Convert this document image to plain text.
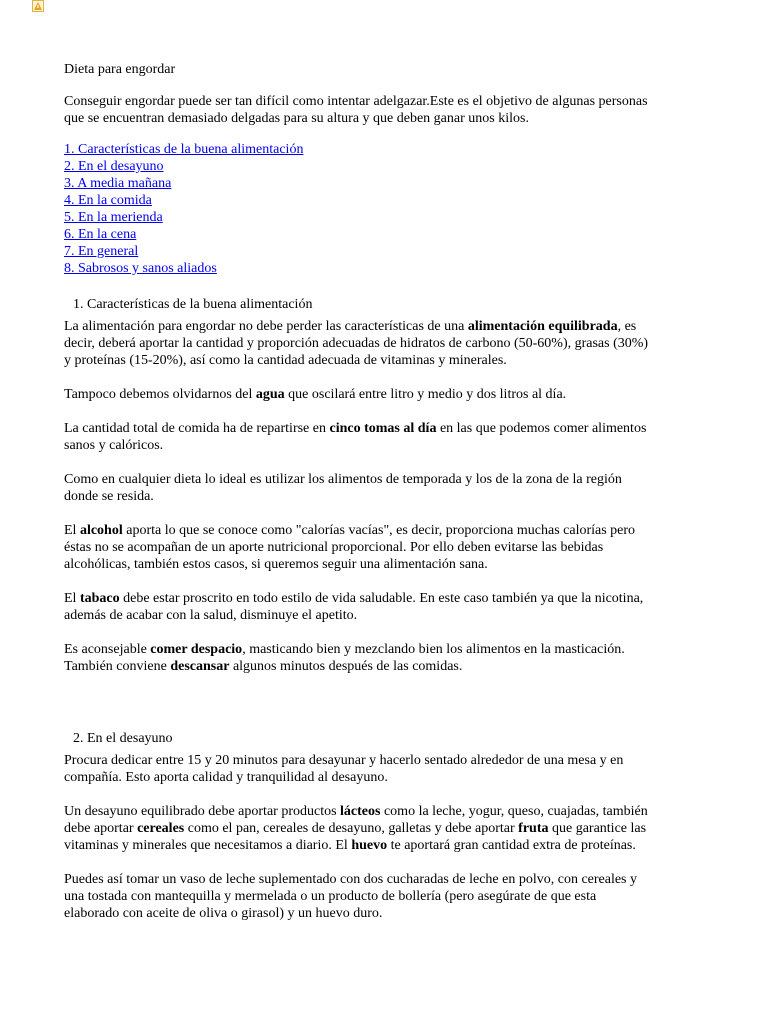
Dieta para engordar

Conseguir engordar puede ser tan difícil como intentar adelgazar.Este es el objetivo de algunas personas que se encuentran demasiado delgadas para su altura y que deben ganar unos kilos.

1. Características de la buena alimentación
2. En el desayuno
3. A media mañana
4. En la comida
5. En la merienda
6. En la cena
7. En general
8. Sabrosos y sanos aliados

1. Características de la buena alimentación

La alimentación para engordar no debe perder las características de una alimentación equilibrada, es decir, deberá aportar la cantidad y proporción adecuadas de hidratos de carbono (50-60%), grasas (30%) y proteínas (15-20%), así como la cantidad adecuada de vitaminas y minerales.

Tampoco debemos olvidarnos del agua que oscilará entre litro y medio y dos litros al día.

La cantidad total de comida ha de repartirse en cinco tomas al día en las que podemos comer alimentos sanos y calóricos.

Como en cualquier dieta lo ideal es utilizar los alimentos de temporada y los de la zona de la región donde se resida.

El alcohol aporta lo que se conoce como "calorías vacías", es decir, proporciona muchas calorías pero éstas no se acompañan de un aporte nutricional proporcional. Por ello deben evitarse las bebidas alcohólicas, también estos casos, si queremos seguir una alimentación sana.

El tabaco debe estar proscrito en todo estilo de vida saludable. En este caso también ya que la nicotina, además de acabar con la salud, disminuye el apetito.

Es aconsejable comer despacio, masticando bien y mezclando bien los alimentos en la masticación. También conviene descansar algunos minutos después de las comidas.

2. En el desayuno

Procura dedicar entre 15 y 20 minutos para desayunar y hacerlo sentado alrededor de una mesa y en compañía. Esto aporta calidad y tranquilidad al desayuno.

Un desayuno equilibrado debe aportar productos lácteos como la leche, yogur, queso, cuajadas, también debe aportar cereales como el pan, cereales de desayuno, galletas y debe aportar fruta que garantice las vitaminas y minerales que necesitamos a diario. El huevo te aportará gran cantidad extra de proteínas.

Puedes así tomar un vaso de leche suplementado con dos cucharadas de leche en polvo, con cereales y una tostada con mantequilla y mermelada o un producto de bollería (pero asegúrate de que esta elaborado con aceite de oliva o girasol) y un huevo duro.
